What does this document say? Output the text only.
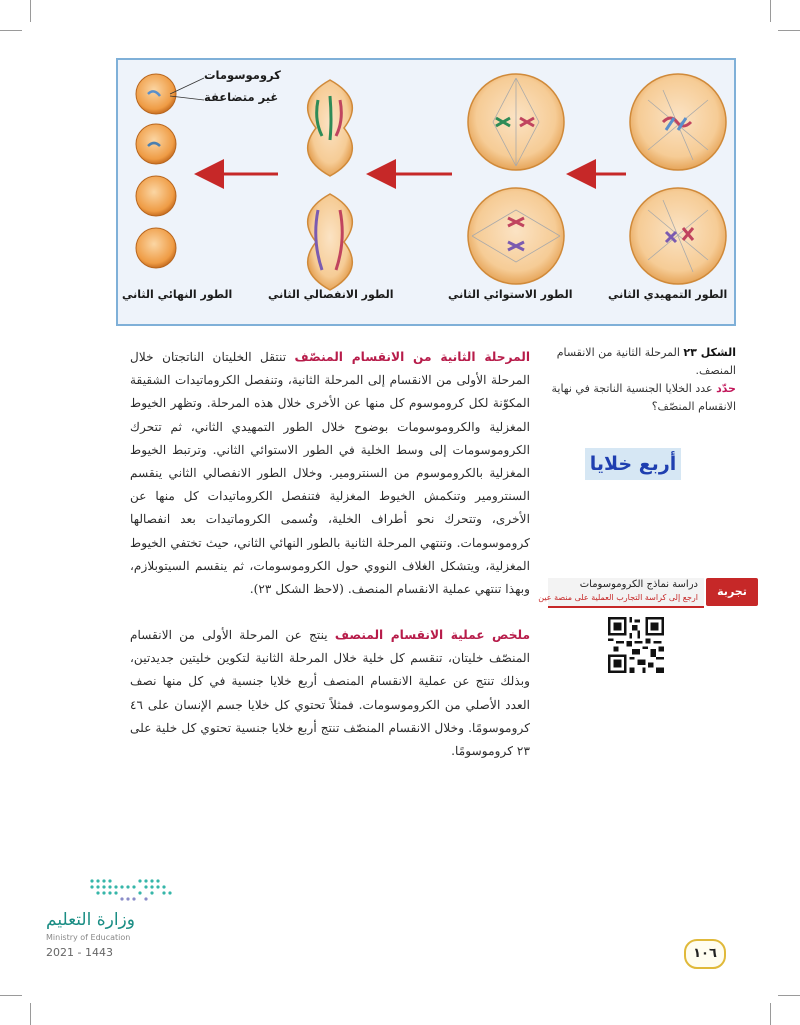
كروموسومات
غير متضاعفة
الطور التمهيدي الثاني
الطور الاستوائي الثاني
الطور الانفصالي الثاني
الطور النهائي الثاني
الشكل ٢٣ المرحلة الثانية من الانقسام المنصف.
حدّد عدد الخلايا الجنسية الناتجة في نهاية الانقسام المنصّف؟
أربع خلايا
المرحلة الثانية من الانقسام المنصّف تنتقل الخليتان الناتجتان خلال المرحلة الأولى من الانقسام إلى المرحلة الثانية، وتنفصل الكروماتيدات الشقيقة المكوّنة لكل كروموسوم كل منها عن الأخرى خلال هذه المرحلة. وتظهر الخيوط المغزلية والكروموسومات بوضوح خلال الطور التمهيدي الثاني، ثم تتحرك الكروموسومات إلى وسط الخلية في الطور الاستوائي الثاني. وترتبط الخيوط المغزلية بالكروموسوم من السنترومير. وخلال الطور الانفصالي الثاني ينقسم السنترومير وتنكمش الخيوط المغزلية فتنفصل الكروماتيدات كل منها عن الأخرى، وتتحرك نحو أطراف الخلية، وتُسمى الكروماتيدات بعد انفصالها كروموسومات. وتنتهي المرحلة الثانية بالطور النهائي الثاني، حيث تختفي الخيوط المغزلية، ويتشكل الغلاف النووي حول الكروموسومات، ثم ينقسم السيتوبلازم، وبهذا تنتهي عملية الانقسام المنصف. (لاحظ الشكل ٢٣).
ملخص عملية الانقسام المنصف ينتج عن المرحلة الأولى من الانقسام المنصّف خليتان، تنقسم كل خلية خلال المرحلة الثانية لتكوين خليتين جديدتين، وبذلك تنتج عن عملية الانقسام المنصف أربع خلايا جنسية في كل منها نصف العدد الأصلي من الكروموسومات. فمثلاً تحتوي كل خلايا جسم الإنسان على ٤٦ كروموسومًا. وخلال الانقسام المنصّف تنتج أربع خلايا جنسية تحتوي كل خلية على ٢٣ كروموسومًا.
تجربة عملية
دراسة نماذج الكروموسومات
ارجع إلى كراسة التجارب العملية على منصة عين
وزارة التعليم
Ministry of Education
2021 - 1443	١٠٦
